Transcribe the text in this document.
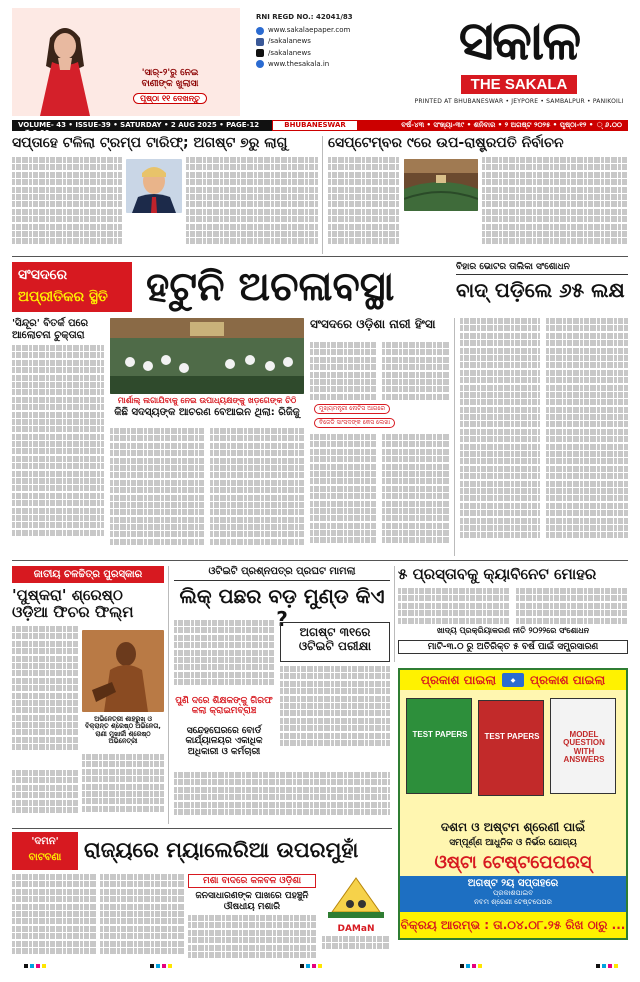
'ସାର୍-୨'ରୁ ନେଇ
ବାଣୀଙ୍କ ଖୁଲାସା
ପୃଷ୍ଠା ୧୧ ଦେଖନ୍ତୁ
RNI REGD NO.: 42041/83
www.sakalaepaper.com
/sakalanews
/sakalanews
www.thesakala.in	ସକାଳ
THE SAKALA
PRINTED AT BHUBANESWAR • JEYPORE • SAMBALPUR • PANIKOILI
VOLUME- 43 • ISSUE-39 • SATURDAY • 2 AUG 2025 • PAGE-12 • ₹ 6.00
BHUBANESWAR	ବର୍ଷ-୪୩ • ସଂଖ୍ୟା-୩୯ • ଶନିବାର • ୨ ଅଗଷ୍ଟ ୨୦୨୫ • ପୃଷ୍ଠା-୧୨ • ୍ ୬.୦୦
ସପ୍ତାହେ ଟଳିଲା ଟ୍ରମ୍ପ ଟାରିଫ୍; ଅଗଷ୍ଟ ୭ରୁ ଲାଗୁ	ସେପ୍ଟେମ୍ବର ୯ରେ ଉପ-ରାଷ୍ଟ୍ରପତି ନିର୍ବାଚନ
ସଂସଦରେ
ଅପ୍ରୀତିକର ସ୍ଥିତି ହଟୁନି ଅଚଳାବସ୍ଥା	ବିହାର ଭୋଟର ତାଲିକା ସଂଶୋଧନ
ବାଦ୍ ପଡ଼ିଲେ ୬୫ ଲକ୍ଷ
'ସିନ୍ଦୂର' ବିତର୍କ ପରେ ଆଲୋଚନା ଚୁକ୍ତାରା
ମାର୍ଶାଲ୍ ଲଗାଯିବାକୁ ନେଇ ଉପାଧ୍ୟକ୍ଷଙ୍କୁ ଖଡ଼ଗେଙ୍କ ଚିଠି
କିଛି ସଦସ୍ୟଙ୍କ ଆଚରଣ ବେଆଇନ ଥିଲା: ରିଜିଜୁ
ସଂସଦରେ ଓଡ଼ିଶା ନାରୀ ହିଂସା
ମୁଖ୍ୟମନ୍ତ୍ରୀ ନୋଟିସ ଆଗରେ
ବିଜେଡି ସାଂସଦଙ୍କ କେସ ଲେଖା
ଜାତୀୟ ଚଳଚ୍ଚିତ୍ର ପୁରସ୍କାର
'ପୁଷ୍କରା' ଶ୍ରେଷ୍ଠ ଓଡ଼ିଆ ଫିଚର ଫିଲ୍ମ
ଅଭିନେତ୍ରୀ ଶାହରୁଖ୍ ଓ ବିକ୍ରାନ୍ତ ଶ୍ରେଷ୍ଠ ଅଭିନେତା, ରାଣୀ ମୁଖାର୍ଜୀ ଶ୍ରେଷ୍ଠ ଅଭିନେତ୍ରୀ
ଓଟିଇଟି ପ୍ରଶ୍ନପତ୍ର ପ୍ରଘଟ ମାମଲା
ଲିକ୍ ପଛର ବଡ଼ ମୁଣ୍ଡ କିଏ ?
ଅଗଷ୍ଟ ୩୧ରେ ଓଟିଇଟି ପରୀକ୍ଷା
ପୁଣି ଦରେ ଶିକ୍ଷକଙ୍କୁ ଗିରଫ କଲା କ୍ରାଇମବ୍ରାଞ୍ଚ
ସନ୍ଦେହଘେରରେ ବୋର୍ଡ କାର୍ଯ୍ୟାଳୟର ଏକାଧିକ ଅଧିକାରୀ ଓ କର୍ମଚାରୀ
୫ ପ୍ରସ୍ତାବକୁ କ୍ୟାବିନେଟ ମୋହର
ଖାଦ୍ୟ ପ୍ରକ୍ରିୟାକରଣ ନୀତି ୨୦୨୨ରେ ସଂଶୋଧନ
ମାଟି-୩.୦ ରୁ ଅତିରିକ୍ତ ୫ ବର୍ଷ ପାଇଁ ସମ୍ପ୍ରସାରଣ
ପ୍ରକାଶ ପାଇଲା	◆	ପ୍ରକାଶ ପାଇଲା
TEST PAPERS TEST PAPERS	MODEL QUESTION WITH ANSWERS
ଦଶମ ଓ ଅଷ୍ଟମ ଶ୍ରେଣୀ ପାଇଁ
ସମ୍ପୂର୍ଣ୍ଣ ଆଧୁନିକ ଓ ନିର୍ଭର ଯୋଗ୍ୟ
ଓଷ୍ଟା ଟେଷ୍ଟପେପରସ୍
ଅଗଷ୍ଟ ୨ୟ ସପ୍ତାହରେ
ପ୍ରକାଶପାଇବ
ନବମ ଶ୍ରେଣୀ ଟେଷ୍ଟପେପର
ବିକ୍ରୟ ଆରମ୍ଭ : ତା.୦୪.୦୮.୨୫ ରିଖ ଠାରୁ ...
'ଦମନ'
ବାଟବଣା	ରାଜ୍ୟରେ ମ୍ୟାଲେରିଆ ଉପରମୁହାଁ
ମଶା ବାଦରେ କଳବଳ ଓଡ଼ିଶା
ଜନସାଧାରଣଙ୍କ ପାଖରେ ପହଞ୍ଚୁନି ଔଷଧୀୟ ମଶାରି
DAMaN
